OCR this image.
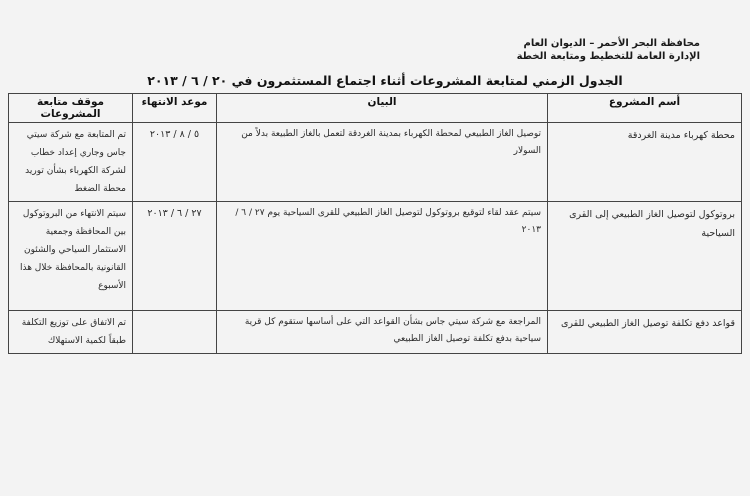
محافظة البحر الأحمر – الديوان العام
الإدارة العامة للتخطيط ومتابعة الخطة
الجدول الزمني لمتابعة المشروعات أثناء اجتماع المستثمرون في ٢٠ / ٦ / ٢٠١٣
أسم المشروع	البيان	موعد الانتهاء	موقف متابعة المشروعات
محطة كهرباء مدينة الغردقة	توصيل الغاز الطبيعي لمحطة الكهرباء بمدينة الغردقة لتعمل بالغاز الطبيعة بدلاً من السولار	٥ / ٨ / ٢٠١٣	تم المتابعة مع شركة سيتي جاس وجاري إعداد خطاب لشركة الكهرباء بشأن توريد محطة الضغط
بروتوكول لتوصيل الغاز الطبيعي إلى القرى السياحية	سيتم عقد لقاء لتوقيع بروتوكول لتوصيل الغاز الطبيعي للقرى السياحية يوم ٢٧ / ٦ / ٢٠١٣	٢٧ / ٦ / ٢٠١٣	سيتم الانتهاء من البروتوكول بين المحافظة وجمعية الاستثمار السياحي والشئون القانونية بالمحافظة خلال هذا الأسبوع
قواعد دفع تكلفة توصيل الغاز الطبيعي للقرى	المراجعة مع شركة سيتي جاس بشأن القواعد التي على أساسها ستقوم كل قرية سياحية بدفع تكلفة توصيل الغاز الطبيعي		تم الاتفاق على توزيع التكلفة طبقاً لكمية الاستهلاك
